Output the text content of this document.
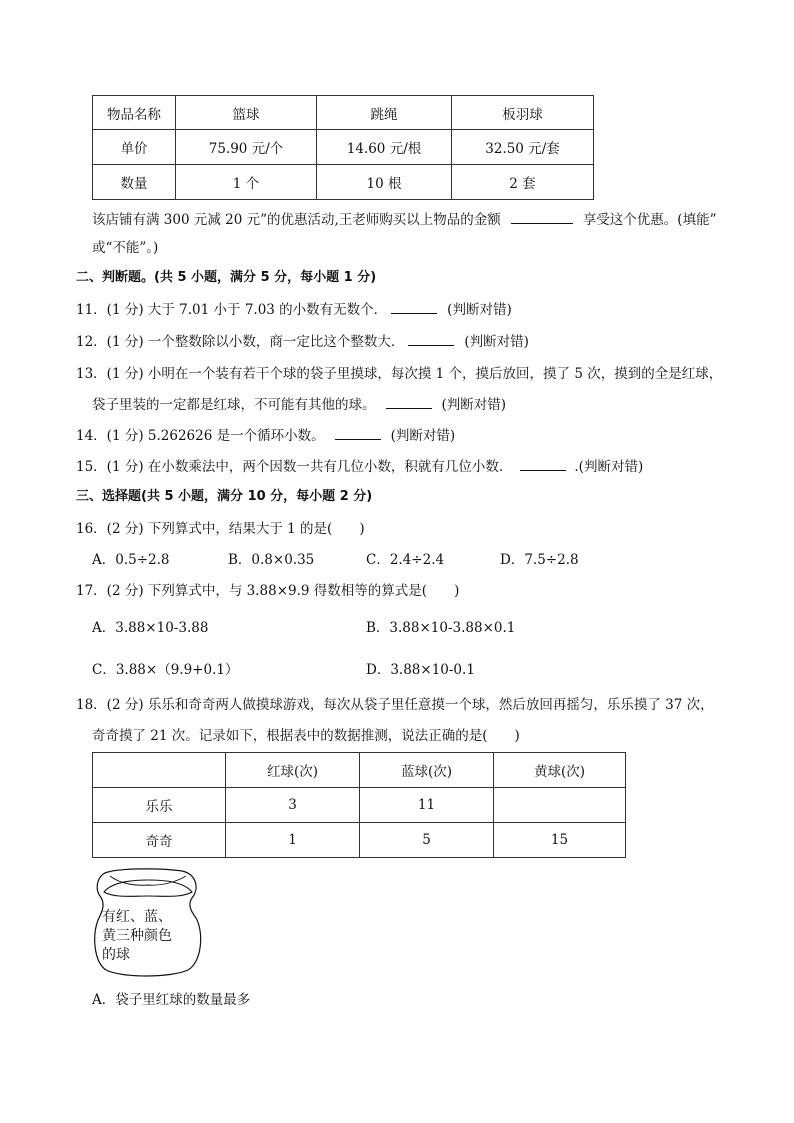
物品名称	篮球	跳绳	板羽球
单价	75.90 元/个	14.60 元/根	32.50 元/套
数量	1 个	10 根	2 套
该店铺有满 300 元减 20 元”的优惠活动,王老师购买以上物品的金额	享受这个优惠。(填能”
或“不能”。)
二、判断题。(共 5 小题，满分 5 分，每小题 1 分)
11．(1 分) 大于 7.01 小于 7.03 的小数有无数个．	(判断对错)
12．(1 分) 一个整数除以小数，商一定比这个整数大．	(判断对错)
13．(1 分) 小明在一个装有若干个球的袋子里摸球，每次摸 1 个，摸后放回，摸了 5 次，摸到的全是红球，
袋子里装的一定都是红球，不可能有其他的球。	(判断对错)
14．(1 分) 5.262626 是一个循环小数。	(判断对错)
15．(1 分) 在小数乘法中，两个因数一共有几位小数，积就有几位小数．	.(判断对错)
三、选择题(共 5 小题，满分 10 分，每小题 2 分)
16．(2 分) 下列算式中，结果大于 1 的是(　　)
A．0.5÷2.8	B．0.8×0.35	C．2.4÷2.4	D．7.5÷2.8
17．(2 分) 下列算式中，与 3.88×9.9 得数相等的算式是(　　)
A．3.88×10-3.88	B．3.88×10-3.88×0.1
C．3.88×（9.9+0.1）	D．3.88×10-0.1
18．(2 分) 乐乐和奇奇两人做摸球游戏，每次从袋子里任意摸一个球，然后放回再摇匀，乐乐摸了 37 次，
奇奇摸了 21 次。记录如下，根据表中的数据推测，说法正确的是(　　)
	红球(次)	蓝球(次)	黄球(次)
乐乐	3	11	
奇奇	1	5	15
有红、蓝、
黄三种颜色
的球
A．袋子里红球的数量最多
